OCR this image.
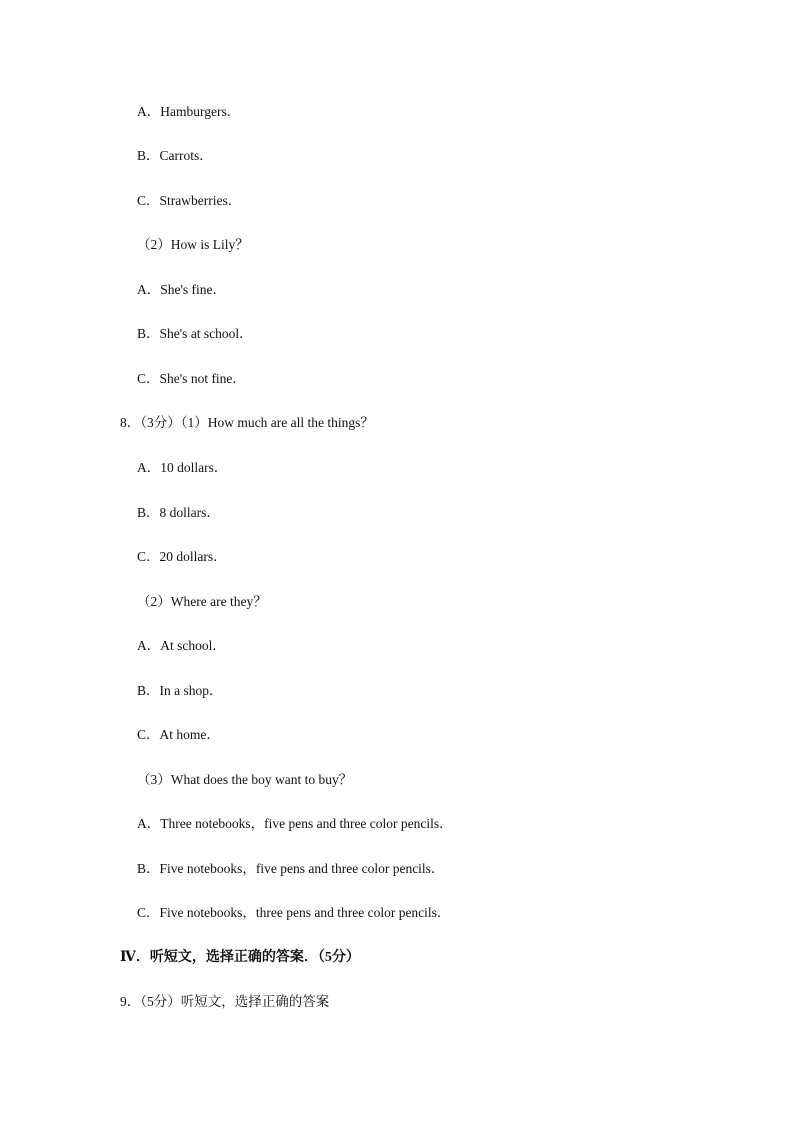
A．Hamburgers．
B．Carrots．
C．Strawberries．
（2）How is Lily？
A．She's fine．
B．She's at school．
C．She's not fine．
8．（3分）（1）How much are all the things？
A．10 dollars．
B．8 dollars．
C．20 dollars．
（2）Where are they？
A．At school．
B．In a shop．
C．At home．
（3）What does the boy want to buy？
A．Three notebooks，five pens and three color pencils．
B．Five notebooks，five pens and three color pencils．
C．Five notebooks，three pens and three color pencils．
Ⅳ．听短文，选择正确的答案．（5分）
9．（5分）听短文，选择正确的答案
